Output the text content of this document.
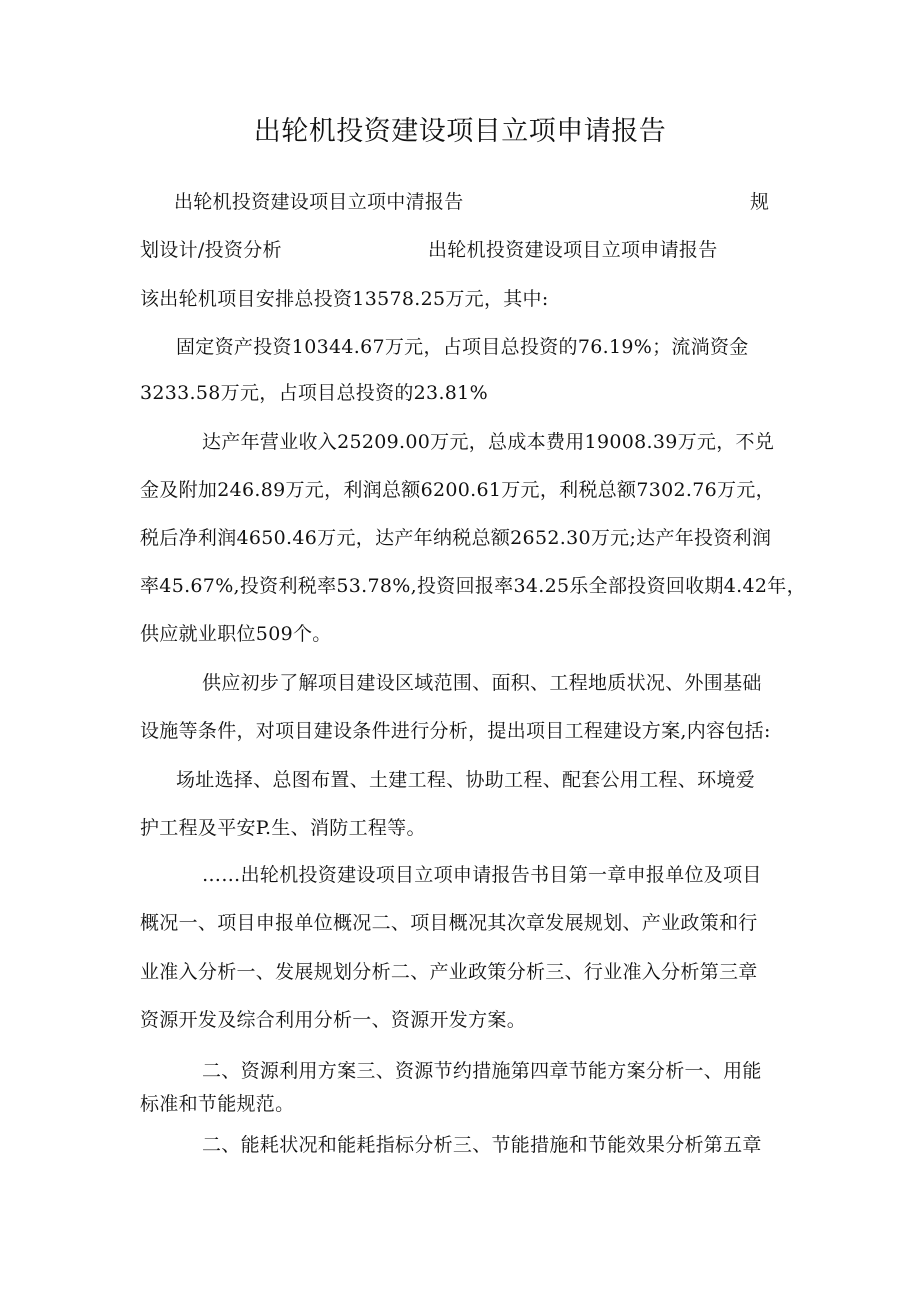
出轮机投资建设项目立项申请报告
出轮机投资建设项目立项中清报告	规
划设计/投资分析	出轮机投资建设项目立项申请报告
该出轮机项目安排总投资13578.25万元，其中:
固定资产投资10344.67万元，占项目总投资的76.19%；流淌资金
3233.58万元，占项目总投资的23.81%
达产年营业收入25209.00万元，总成本费用19008.39万元，不兑
金及附加246.89万元，利润总额6200.61万元，利税总额7302.76万元，
税后净利润4650.46万元，达产年纳税总额2652.30万元;达产年投资利润
率45.67%,投资利税率53.78%,投资回报率34.25乐全部投资回收期4.42年，
供应就业职位509个。
供应初步了解项目建设区域范围、面积、工程地质状况、外围基础
设施等条件，对项目建设条件进行分析，提出项目工程建设方案,内容包括:
场址选择、总图布置、土建工程、协助工程、配套公用工程、环境爱
护工程及平安P.生、消防工程等。
……出轮机投资建设项目立项申请报告书目第一章申报单位及项目
概况一、项目申报单位概况二、项目概况其次章发展规划、产业政策和行
业准入分析一、发展规划分析二、产业政策分析三、行业准入分析第三章
资源开发及综合利用分析一、资源开发方案。
二、资源利用方案三、资源节约措施第四章节能方案分析一、用能
标准和节能规范。
二、能耗状况和能耗指标分析三、节能措施和节能效果分析第五章
